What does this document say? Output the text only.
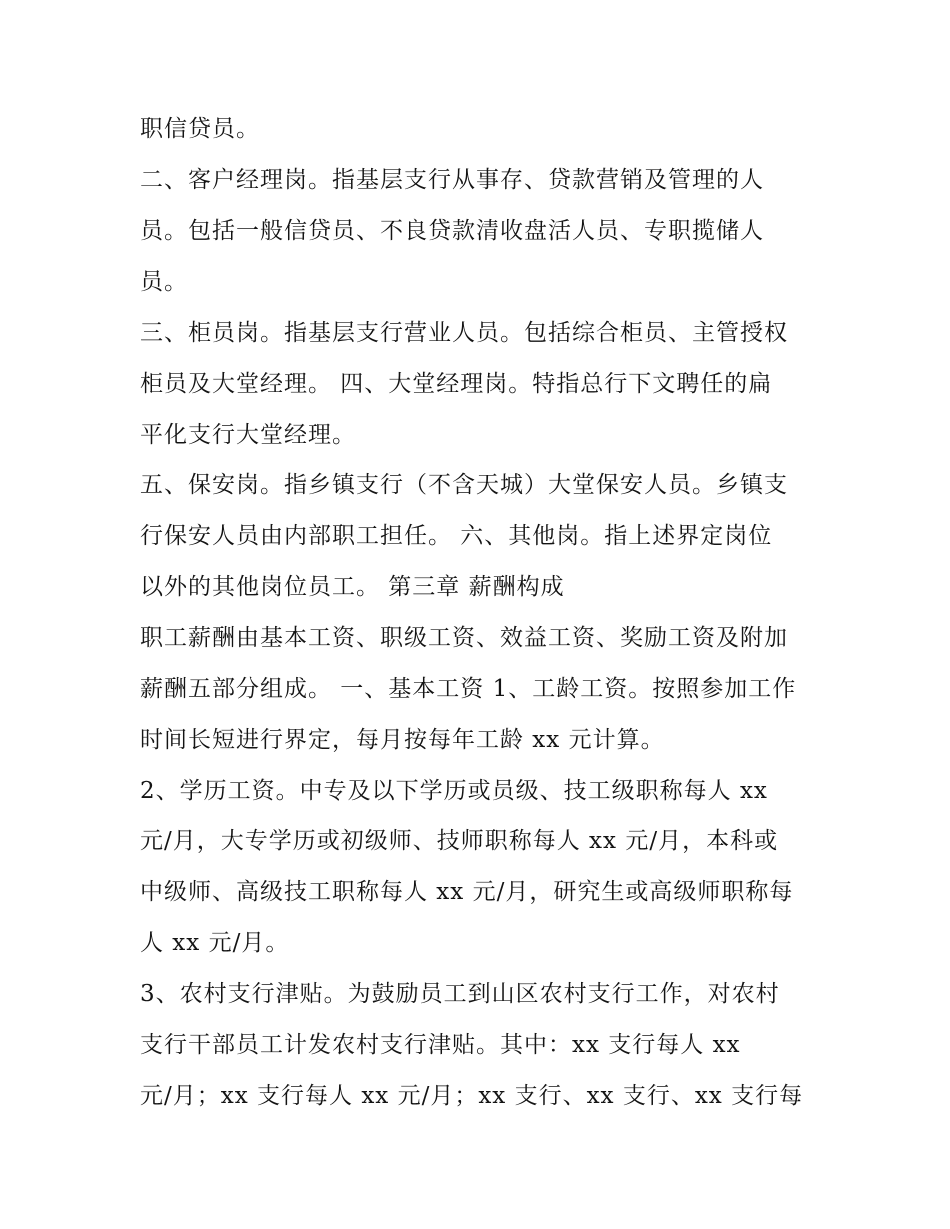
职信贷员。
二、客户经理岗。指基层支行从事存、贷款营销及管理的人
员。包括一般信贷员、不良贷款清收盘活人员、专职揽储人
员。
三、柜员岗。指基层支行营业人员。包括综合柜员、主管授权
柜员及大堂经理。 四、大堂经理岗。特指总行下文聘任的扁
平化支行大堂经理。
五、保安岗。指乡镇支行（不含天城）大堂保安人员。乡镇支
行保安人员由内部职工担任。 六、其他岗。指上述界定岗位
以外的其他岗位员工。 第三章 薪酬构成
职工薪酬由基本工资、职级工资、效益工资、奖励工资及附加
薪酬五部分组成。 一、基本工资 1、工龄工资。按照参加工作
时间长短进行界定，每月按每年工龄 xx 元计算。
2、学历工资。中专及以下学历或员级、技工级职称每人 xx
元/月，大专学历或初级师、技师职称每人 xx 元/月，本科或
中级师、高级技工职称每人 xx 元/月，研究生或高级师职称每
人 xx 元/月。
3、农村支行津贴。为鼓励员工到山区农村支行工作，对农村
支行干部员工计发农村支行津贴。其中：xx 支行每人 xx
元/月；xx 支行每人 xx 元/月；xx 支行、xx 支行、xx 支行每
